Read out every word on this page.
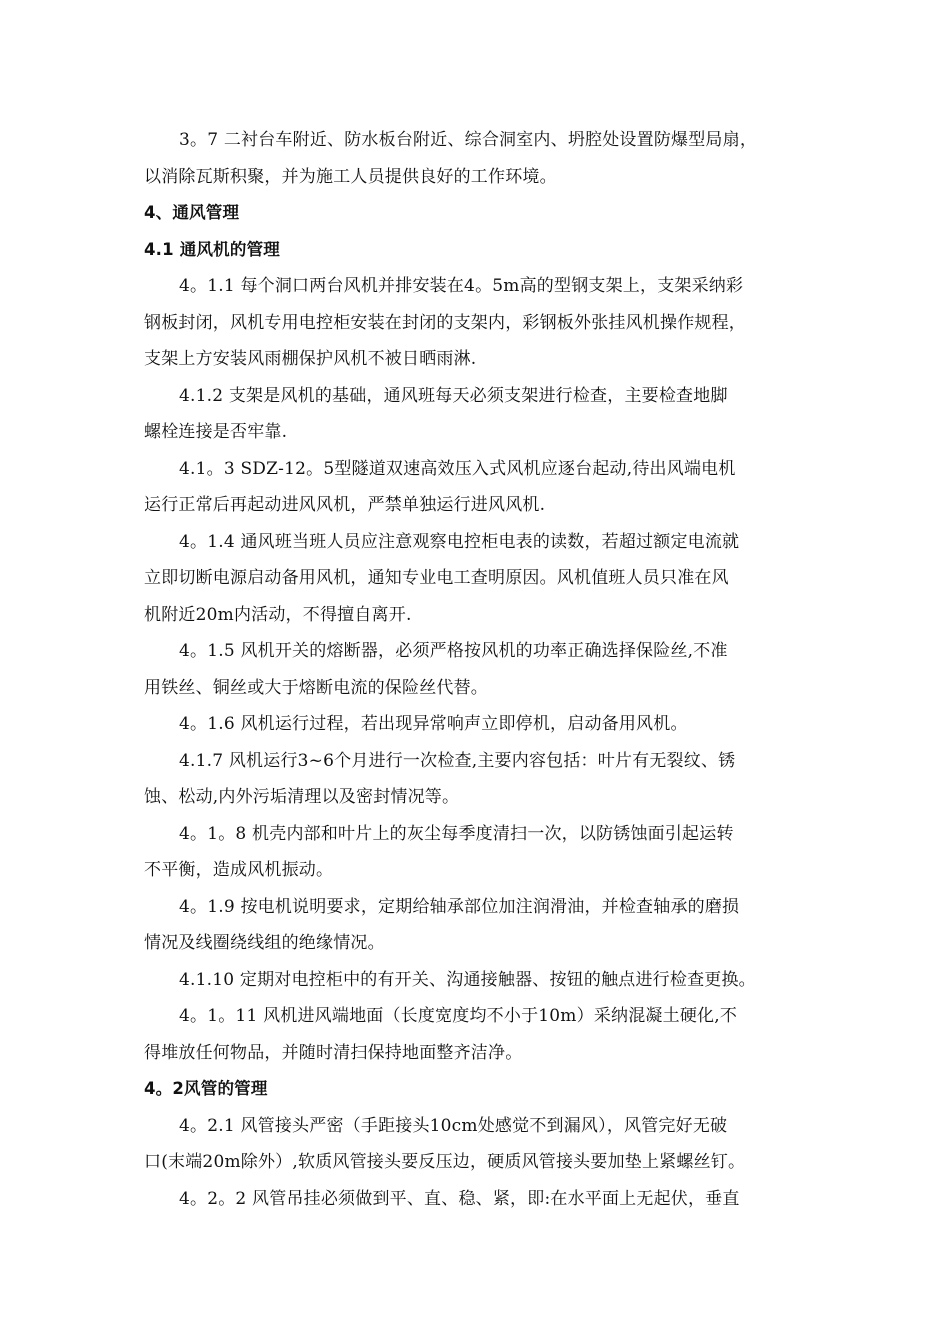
3。7 二衬台车附近、防水板台附近、综合洞室内、坍腔处设置防爆型局扇，
以消除瓦斯积聚，并为施工人员提供良好的工作环境。
4、通风管理
4.1 通风机的管理
4。1.1 每个洞口两台风机并排安装在4。5m高的型钢支架上，支架采纳彩
钢板封闭，风机专用电控柜安装在封闭的支架内，彩钢板外张挂风机操作规程，
支架上方安装风雨棚保护风机不被日晒雨淋.
4.1.2 支架是风机的基础，通风班每天必须支架进行检查，主要检查地脚
螺栓连接是否牢靠.
4.1。3 SDZ-12。5型隧道双速高效压入式风机应逐台起动,待出风端电机
运行正常后再起动进风风机，严禁单独运行进风风机.
4。1.4 通风班当班人员应注意观察电控柜电表的读数，若超过额定电流就
立即切断电源启动备用风机，通知专业电工查明原因。风机值班人员只准在风
机附近20m内活动，不得擅自离开.
4。1.5 风机开关的熔断器，必须严格按风机的功率正确选择保险丝,不准
用铁丝、铜丝或大于熔断电流的保险丝代替。
4。1.6 风机运行过程，若出现异常响声立即停机，启动备用风机。
4.1.7 风机运行3~6个月进行一次检查,主要内容包括：叶片有无裂纹、锈
蚀、松动,内外污垢清理以及密封情况等。
4。1。8 机壳内部和叶片上的灰尘每季度清扫一次，以防锈蚀面引起运转
不平衡，造成风机振动。
4。1.9 按电机说明要求，定期给轴承部位加注润滑油，并检查轴承的磨损
情况及线圈绕线组的绝缘情况。
4.1.10 定期对电控柜中的有开关、沟通接触器、按钮的触点进行检查更换。
4。1。11 风机进风端地面（长度宽度均不小于10m）采纳混凝土硬化,不
得堆放任何物品，并随时清扫保持地面整齐洁净。
4。2风管的管理
4。2.1 风管接头严密（手距接头10cm处感觉不到漏风），风管完好无破
口(末端20m除外）,软质风管接头要反压边，硬质风管接头要加垫上紧螺丝钉。
4。2。2 风管吊挂必须做到平、直、稳、紧，即:在水平面上无起伏，垂直
